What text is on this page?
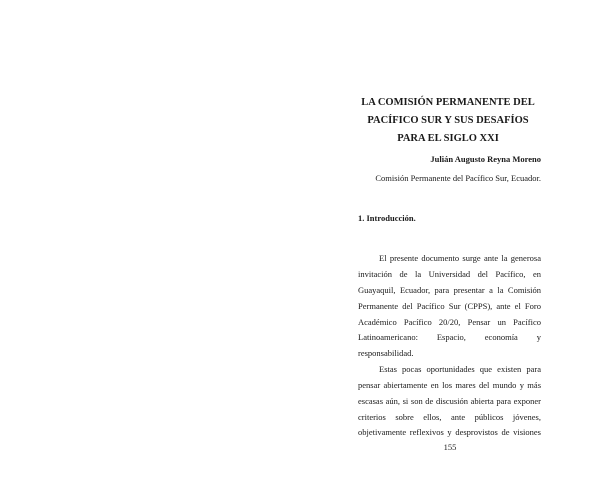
LA COMISIÓN PERMANENTE DEL
PACÍFICO SUR Y SUS DESAFÍOS
PARA EL SIGLO XXI

Julián Augusto Reyna Moreno

Comisión Permanente del Pacífico Sur, Ecuador.

1. Introducción.

El presente documento surge ante la generosa

invitación de la Universidad del Pacífico, en

Guayaquil, Ecuador, para presentar a la Comisión

Permanente del Pacífico Sur (CPPS), ante el Foro

Académico Pacífico 20/20, Pensar un Pacífico

Latinoamericano: Espacio, economía y

responsabilidad.

Estas pocas oportunidades que existen para

pensar abiertamente en los mares del mundo y más

escasas aún, si son de discusión abierta para exponer

criterios sobre ellos, ante públicos jóvenes,

objetivamente reflexivos y desprovistos de visiones

155
